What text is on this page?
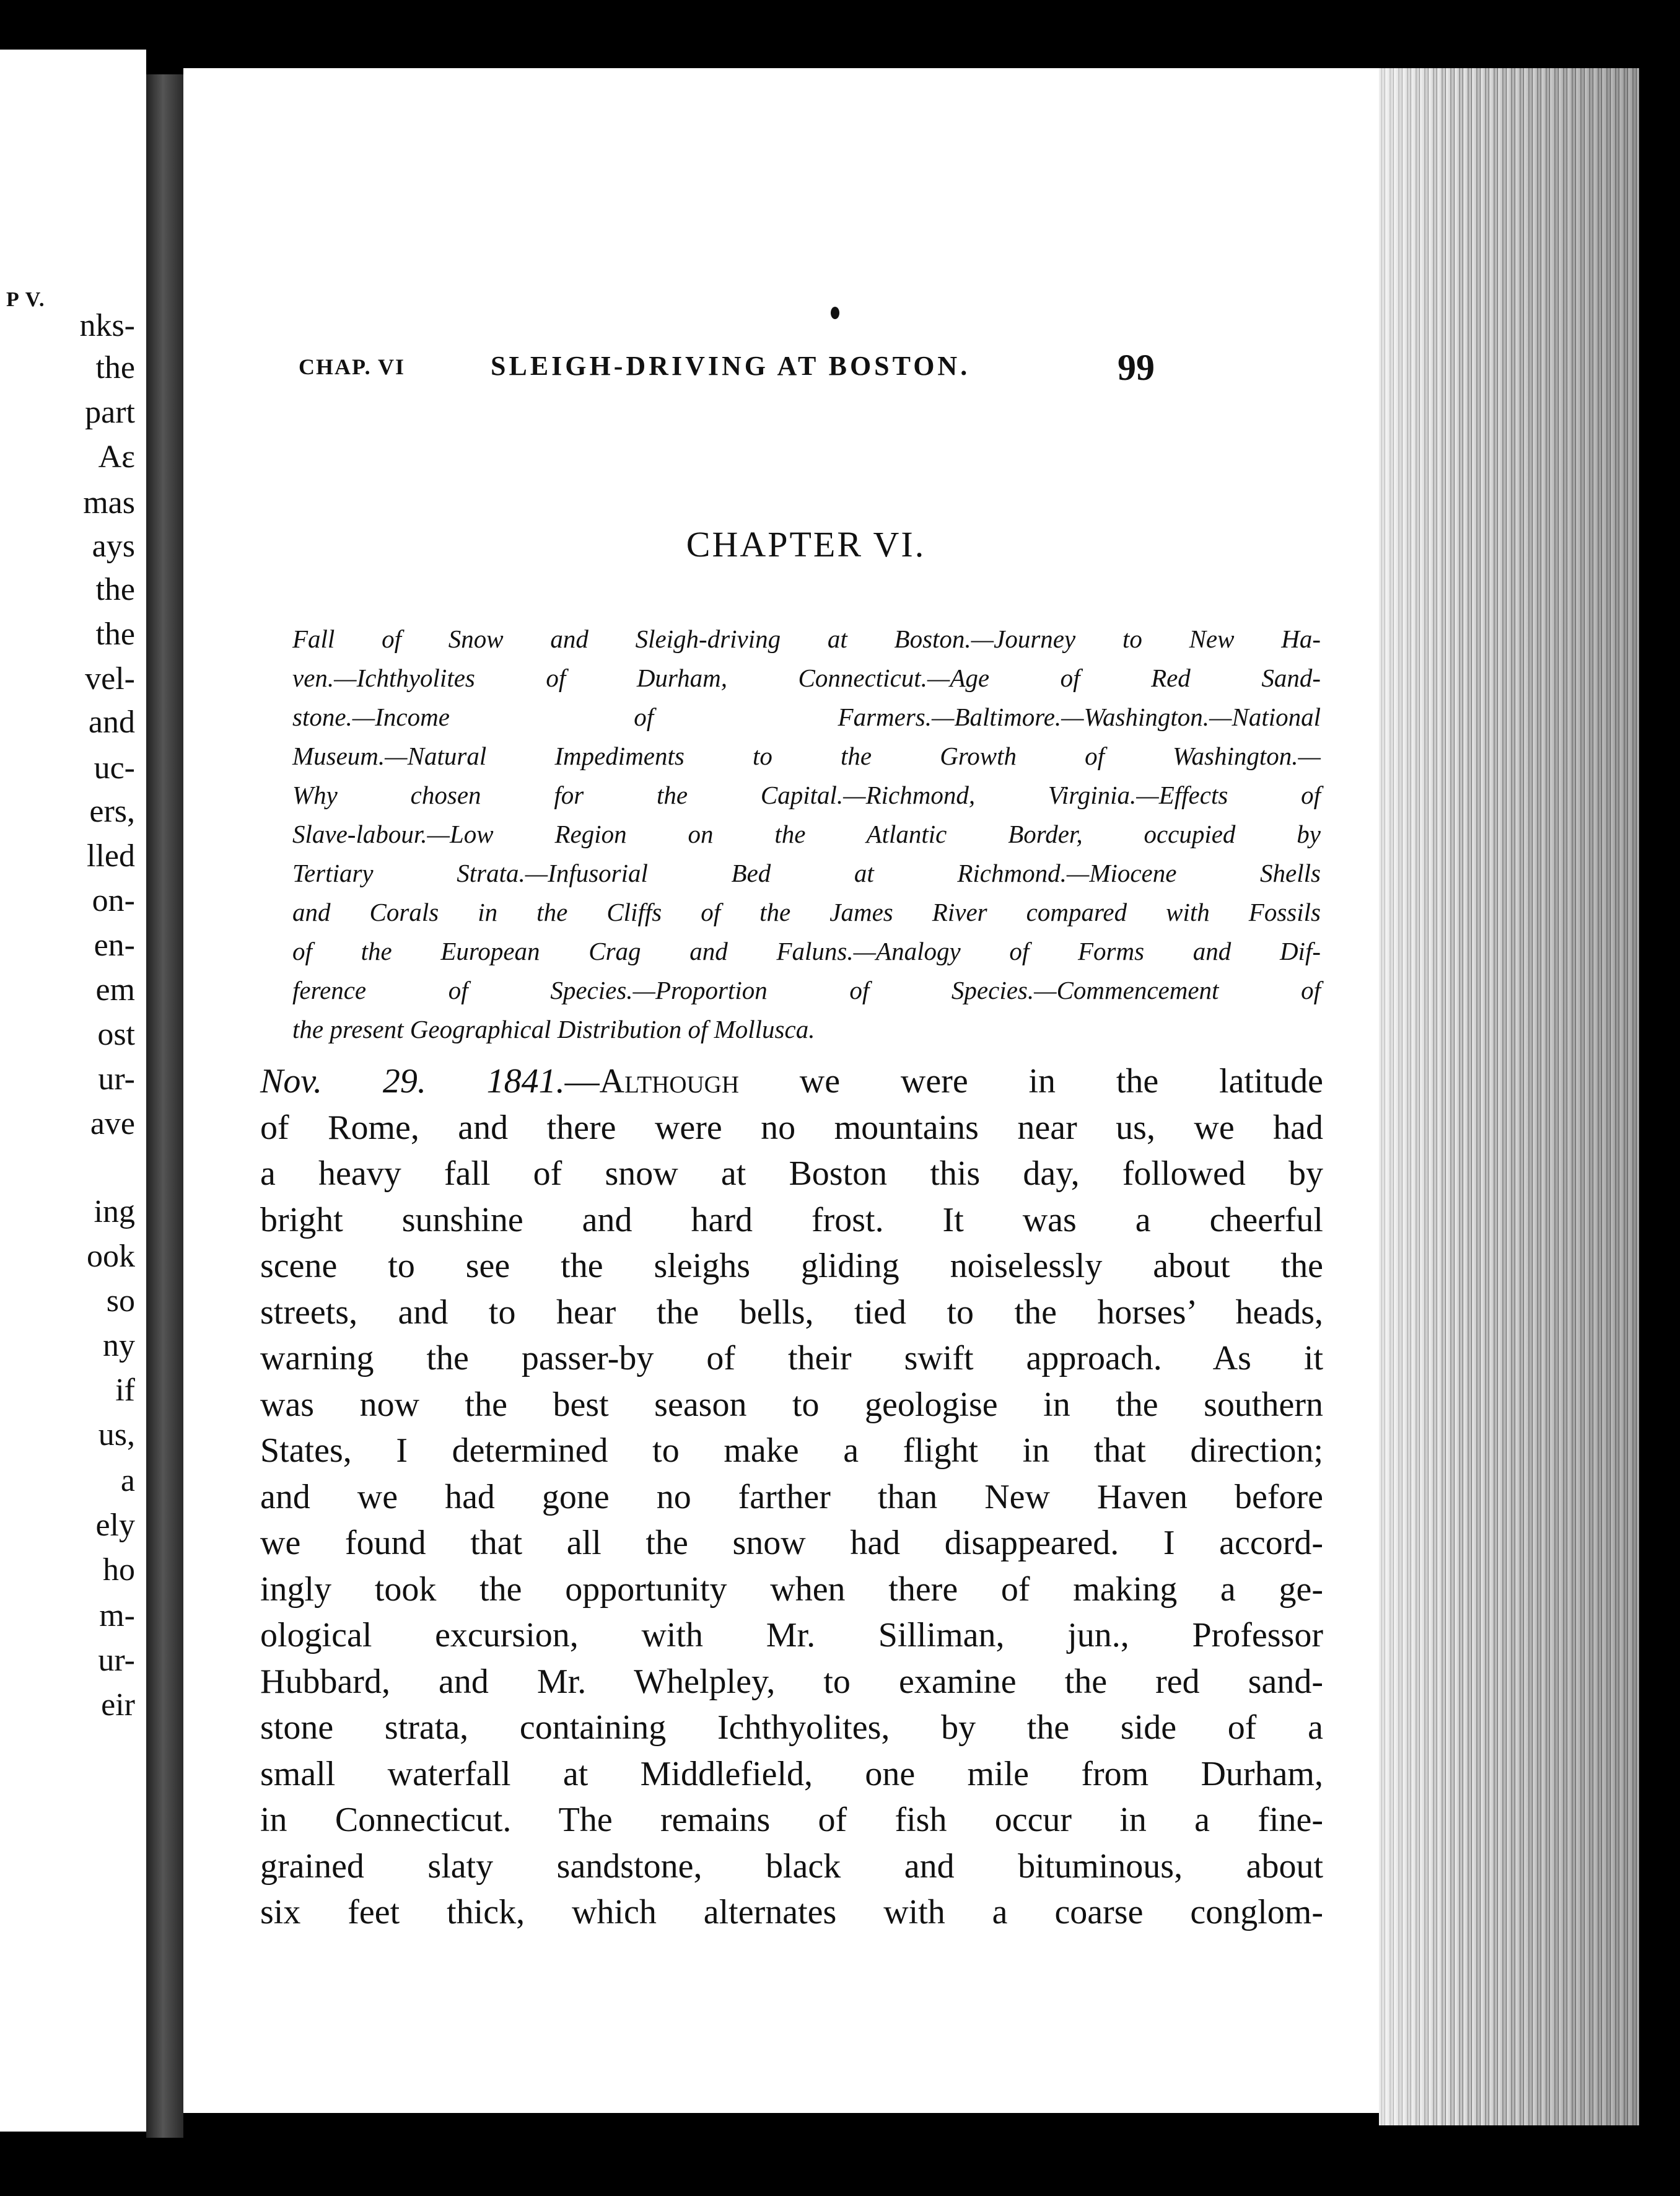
P V.
nks-
the
part
Aε
mas
ays
the
the
vel-
and
uc-
ers,
lled
on-
en-
em
ost
ur-
ave
ing
ook
so
ny
if
us,
a
ely
ho
m-
ur-
eir
CHAP. VI	SLEIGH-DRIVING AT BOSTON.	99
CHAPTER VI.
Fall of Snow and Sleigh-driving at Boston.—Journey to New Ha-
ven.—Ichthyolites of Durham, Connecticut.—Age of Red Sand-
stone.—Income of Farmers.—Baltimore.—Washington.—National
Museum.—Natural Impediments to the Growth of Washington.—
Why chosen for the Capital.—Richmond, Virginia.—Effects of
Slave-labour.—Low Region on the Atlantic Border, occupied by
Tertiary Strata.—Infusorial Bed at Richmond.—Miocene Shells
and Corals in the Cliffs of the James River compared with Fossils
of the European Crag and Faluns.—Analogy of Forms and Dif-
ference of Species.—Proportion of Species.—Commencement of
the present Geographical Distribution of Mollusca.
Nov. 29. 1841.—Although we were in the latitude
of Rome, and there were no mountains near us, we had
a heavy fall of snow at Boston this day, followed by
bright sunshine and hard frost. It was a cheerful
scene to see the sleighs gliding noiselessly about the
streets, and to hear the bells, tied to the horses’ heads,
warning the passer-by of their swift approach. As it
was now the best season to geologise in the southern
States, I determined to make a flight in that direction;
and we had gone no farther than New Haven before
we found that all the snow had disappeared. I accord-
ingly took the opportunity when there of making a ge-
ological excursion, with Mr. Silliman, jun., Professor
Hubbard, and Mr. Whelpley, to examine the red sand-
stone strata, containing Ichthyolites, by the side of a
small waterfall at Middlefield, one mile from Durham,
in Connecticut. The remains of fish occur in a fine-
grained slaty sandstone, black and bituminous, about
six feet thick, which alternates with a coarse conglom-
